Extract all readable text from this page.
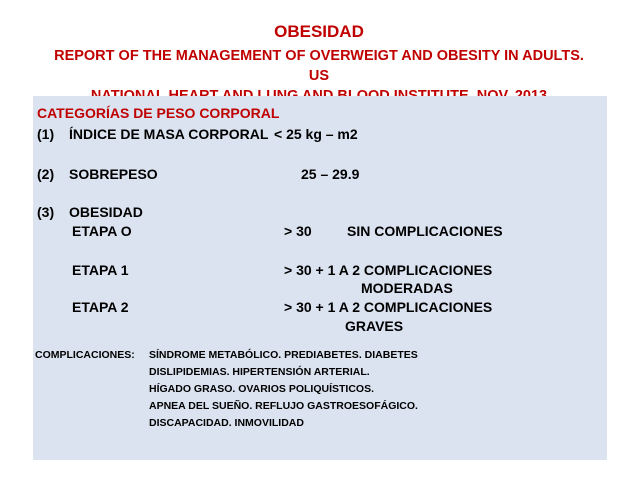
OBESIDAD
REPORT OF THE MANAGEMENT OF OVERWEIGT AND OBESITY IN ADULTS. US
CATEGORÍAS DE PESO CORPORAL
(1) ÍNDICE DE MASA CORPORAL < 25 kg – m2
(2) SOBREPESO	25 – 29.9
(3) OBESIDAD
ETAPA O	> 30	SIN COMPLICACIONES
ETAPA 1	> 30 + 1 A 2 COMPLICACIONES
MODERADAS
ETAPA 2	> 30 + 1 A 2 COMPLICACIONES
GRAVES
COMPLICACIONES: SÍNDROME METABÓLICO. PREDIABETES. DIABETES
DISLIPIDEMIAS. HIPERTENSIÓN ARTERIAL.
HÍGADO GRASO. OVARIOS POLIQUÍSTICOS.
APNEA DEL SUEÑO. REFLUJO GASTROESOFÁGICO.
DISCAPACIDAD. INMOVILIDAD
